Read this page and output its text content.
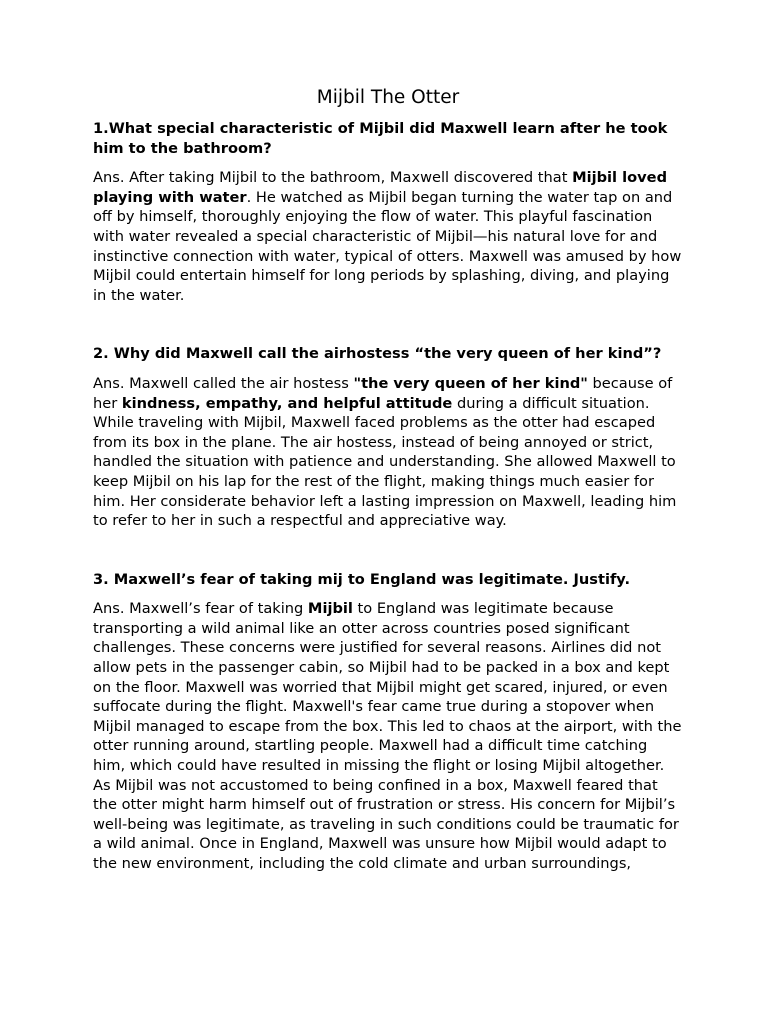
Mijbil The Otter

1.What special characteristic of Mijbil did Maxwell learn after he took him to the bathroom?

Ans. After taking Mijbil to the bathroom, Maxwell discovered that Mijbil loved playing with water. He watched as Mijbil began turning the water tap on and off by himself, thoroughly enjoying the flow of water. This playful fascination with water revealed a special characteristic of Mijbil—his natural love for and instinctive connection with water, typical of otters. Maxwell was amused by how Mijbil could entertain himself for long periods by splashing, diving, and playing in the water.

2. Why did Maxwell call the airhostess “the very queen of her kind”?

Ans. Maxwell called the air hostess "the very queen of her kind" because of her kindness, empathy, and helpful attitude during a difficult situation. While traveling with Mijbil, Maxwell faced problems as the otter had escaped from its box in the plane. The air hostess, instead of being annoyed or strict, handled the situation with patience and understanding. She allowed Maxwell to keep Mijbil on his lap for the rest of the flight, making things much easier for him. Her considerate behavior left a lasting impression on Maxwell, leading him to refer to her in such a respectful and appreciative way.

3. Maxwell’s fear of taking mij to England was legitimate. Justify.

Ans. Maxwell’s fear of taking Mijbil to England was legitimate because transporting a wild animal like an otter across countries posed significant challenges. These concerns were justified for several reasons. Airlines did not allow pets in the passenger cabin, so Mijbil had to be packed in a box and kept on the floor. Maxwell was worried that Mijbil might get scared, injured, or even suffocate during the flight. Maxwell's fear came true during a stopover when Mijbil managed to escape from the box. This led to chaos at the airport, with the otter running around, startling people. Maxwell had a difficult time catching him, which could have resulted in missing the flight or losing Mijbil altogether. As Mijbil was not accustomed to being confined in a box, Maxwell feared that the otter might harm himself out of frustration or stress. His concern for Mijbil’s well-being was legitimate, as traveling in such conditions could be traumatic for a wild animal. Once in England, Maxwell was unsure how Mijbil would adapt to the new environment, including the cold climate and urban surroundings,
